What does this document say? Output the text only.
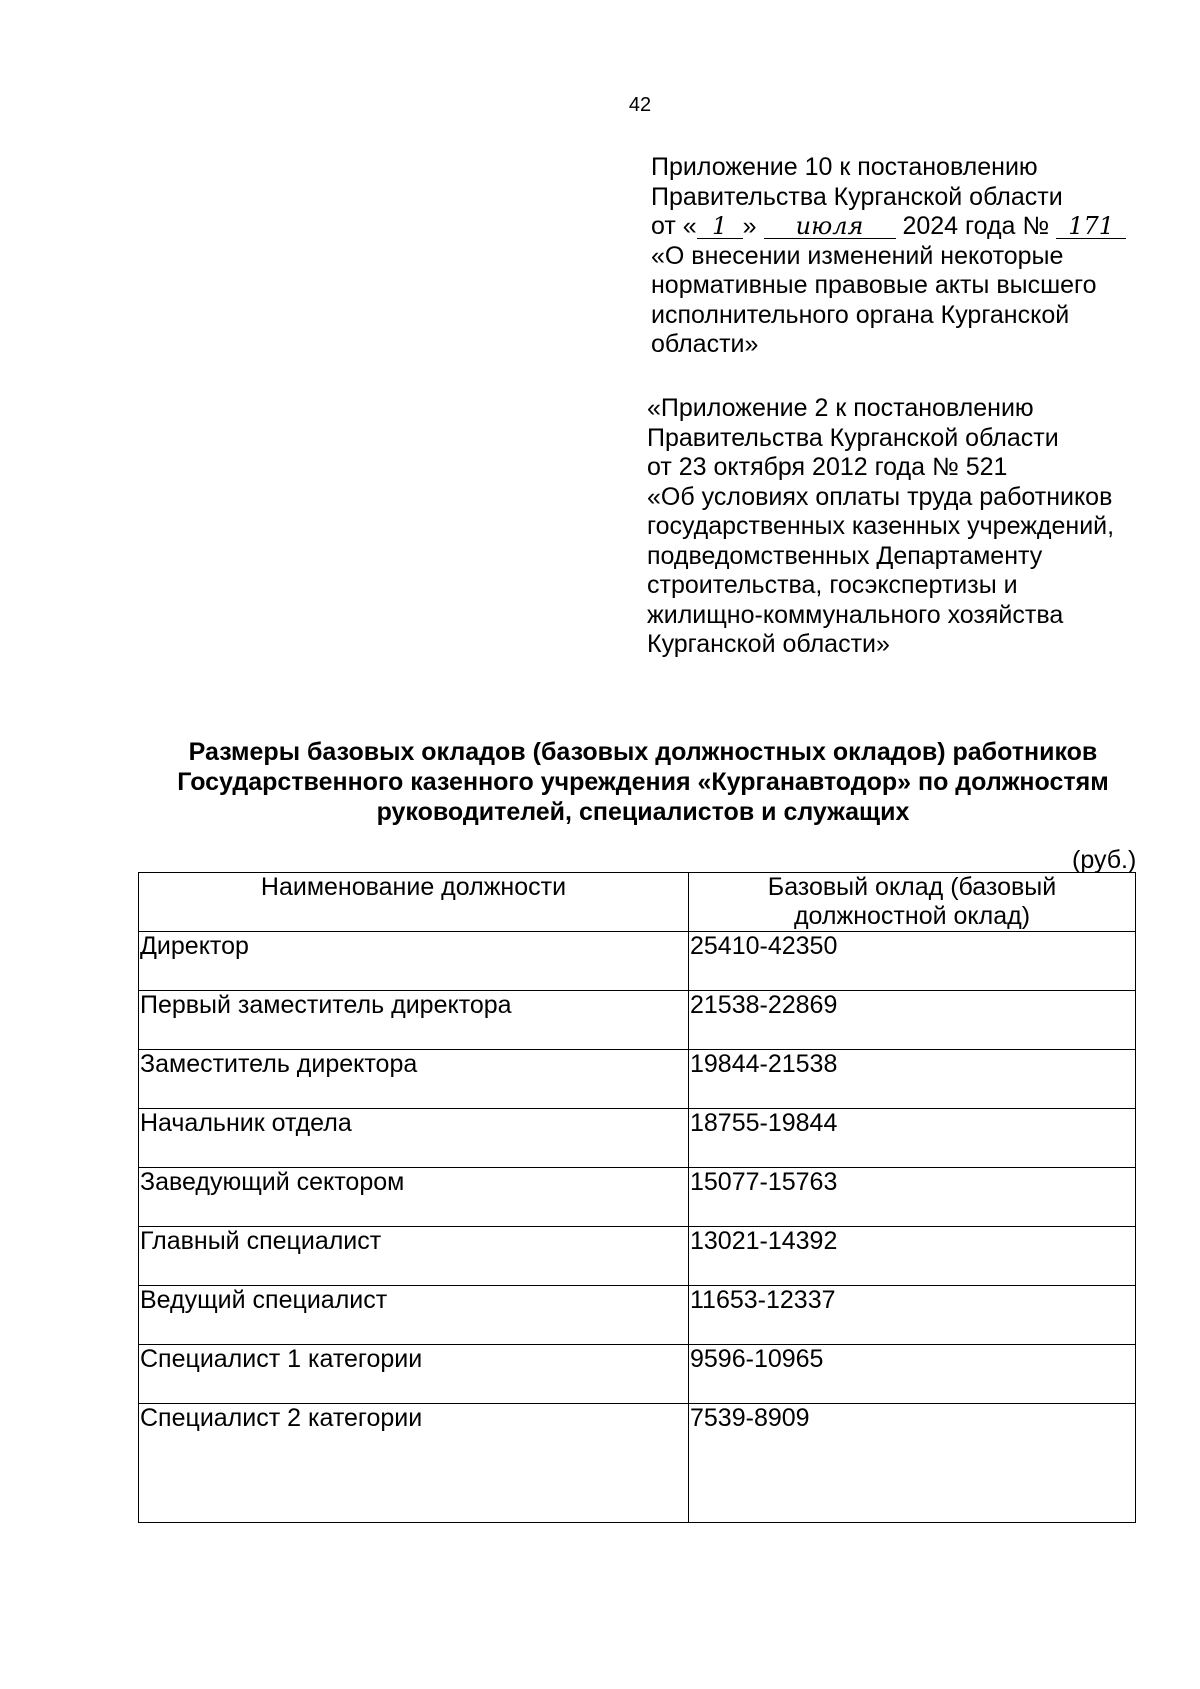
42

Приложение 10 к постановлению

Правительства Курганской области

от « 1 » июля 2024 года № 171

«О внесении изменений некоторые

нормативные правовые акты высшего

исполнительного органа Курганской

области»

«Приложение 2 к постановлению

Правительства Курганской области

от 23 октября 2012 года № 521

«Об условиях оплаты труда работников

государственных казенных учреждений,

подведомственных Департаменту

строительства, госэкспертизы и

жилищно-коммунального хозяйства

Курганской области»

Размеры базовых окладов (базовых должностных окладов) работников

Государственного казенного учреждения «Курганавтодор» по должностям

руководителей, специалистов и служащих

(руб.)
Наименование должности	Базовый оклад (базовый
должностной оклад)
Директор	25410-42350
Первый заместитель директора	21538-22869
Заместитель директора	19844-21538
Начальник отдела	18755-19844
Заведующий сектором	15077-15763
Главный специалист	13021-14392
Ведущий специалист	11653-12337
Специалист 1 категории	9596-10965
Специалист 2 категории	7539-8909
